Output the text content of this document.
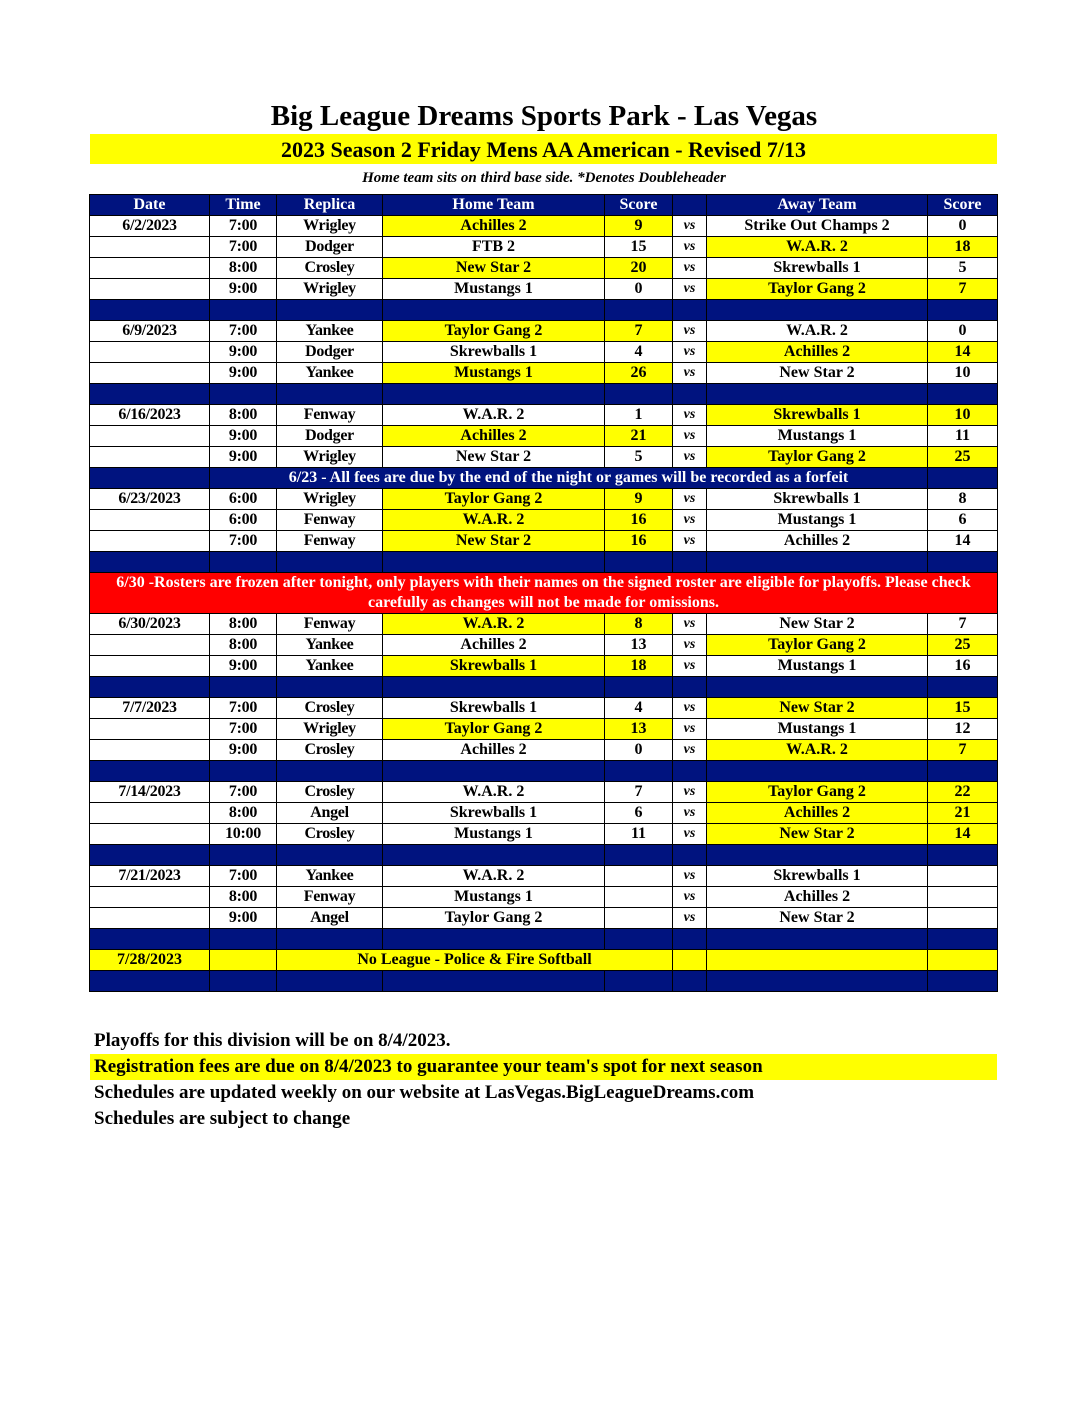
Big League Dreams Sports Park - Las Vegas
2023 Season 2 Friday Mens AA American - Revised 7/13
Home team sits on third base side. *Denotes Doubleheader
Date	Time	Replica	Home Team	Score		Away Team	Score
6/2/2023	7:00	Wrigley	Achilles 2	9	vs	Strike Out Champs 2	0
	7:00	Dodger	FTB 2	15	vs	W.A.R. 2	18
	8:00	Crosley	New Star 2	20	vs	Skrewballs 1	5
	9:00	Wrigley	Mustangs 1	0	vs	Taylor Gang 2	7

6/9/2023	7:00	Yankee	Taylor Gang 2	7	vs	W.A.R. 2	0
	9:00	Dodger	Skrewballs 1	4	vs	Achilles 2	14
	9:00	Yankee	Mustangs 1	26	vs	New Star 2	10

6/16/2023	8:00	Fenway	W.A.R. 2	1	vs	Skrewballs 1	10
	9:00	Dodger	Achilles 2	21	vs	Mustangs 1	11
	9:00	Wrigley	New Star 2	5	vs	Taylor Gang 2	25
	6/23 - All fees are due by the end of the night or games will be recorded as a forfeit						
6/23/2023	6:00	Wrigley	Taylor Gang 2	9	vs	Skrewballs 1	8
	6:00	Fenway	W.A.R. 2	16	vs	Mustangs 1	6
	7:00	Fenway	New Star 2	16	vs	Achilles 2	14

6/30 -Rosters are frozen after tonight, only players with their names on the signed roster are eligible for playoffs. Please check carefully as changes will not be made for omissions.							
6/30/2023	8:00	Fenway	W.A.R. 2	8	vs	New Star 2	7
	8:00	Yankee	Achilles 2	13	vs	Taylor Gang 2	25
	9:00	Yankee	Skrewballs 1	18	vs	Mustangs 1	16

7/7/2023	7:00	Crosley	Skrewballs 1	4	vs	New Star 2	15
	7:00	Wrigley	Taylor Gang 2	13	vs	Mustangs 1	12
	9:00	Crosley	Achilles 2	0	vs	W.A.R. 2	7

7/14/2023	7:00	Crosley	W.A.R. 2	7	vs	Taylor Gang 2	22
	8:00	Angel	Skrewballs 1	6	vs	Achilles 2	21
	10:00	Crosley	Mustangs 1	11	vs	New Star 2	14

7/21/2023	7:00	Yankee	W.A.R. 2		vs	Skrewballs 1	
	8:00	Fenway	Mustangs 1		vs	Achilles 2	
	9:00	Angel	Taylor Gang 2		vs	New Star 2	

7/28/2023		No League - Police & Fire Softball					

Playoffs for this division will be on 8/4/2023.
Registration fees are due on 8/4/2023 to guarantee your team's spot for next season
Schedules are updated weekly on our website at LasVegas.BigLeagueDreams.com
Schedules are subject to change
